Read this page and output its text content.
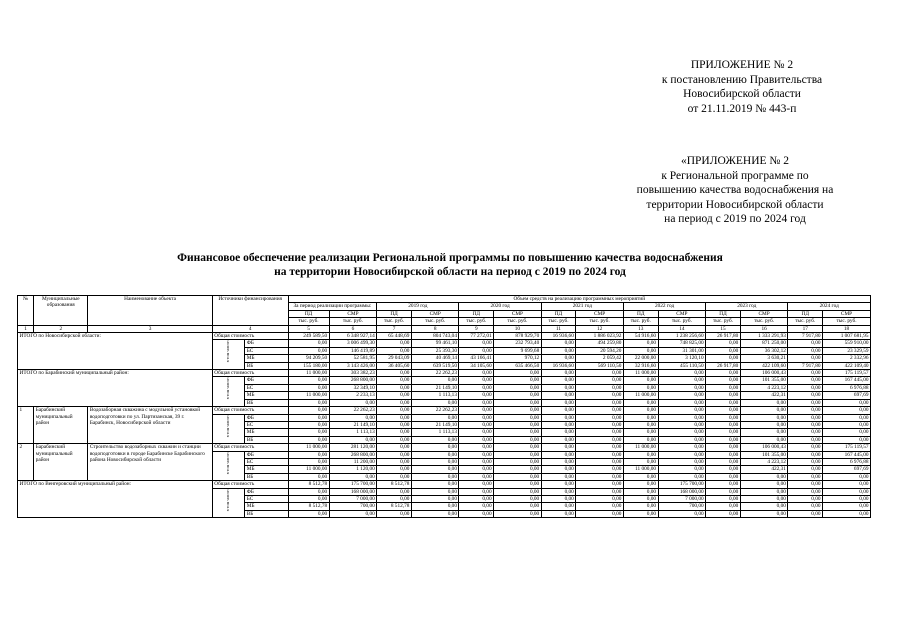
ПРИЛОЖЕНИЕ № 2
к постановлению Правительства
Новосибирской области
от 21.11.2019 № 443-п
«ПРИЛОЖЕНИЕ № 2
к Региональной программе по
повышению качества водоснабжения на
территории Новосибирской области
на период с 2019 по 2024 год
Финансовое обеспечение реализации Региональной программы по повышению качества водоснабжения
на территории Новосибирской области на период с 2019 по 2024 год
№	Муниципальные образования	Наименование объекта	Источники финансирования		Объем средств на реализацию программных мероприятий													
					За период реализации программы:		2019 год		2020 год		2021 год		2022 год		2023 год		2024 год	
					ПД	СМР	ПД	СМР	ПД	СМР	ПД	СМР	ПД	СМР	ПД	СМР	ПД	СМР
					тыс. руб.	тыс. руб.	тыс. руб.	тыс. руб.	тыс. руб.	тыс. руб.	тыс. руб.	тыс. руб.	тыс. руб.	тыс. руб.	тыс. руб.	тыс. руб.	тыс. руб.	тыс. руб.
1	2	3	4		5	6	7	8	9	10	11	12	13	14	15	16	17	18
ИТОГО по Новосибирской области:			Общая стоимость		249 589,50	6 348 927,14	65 448,69	804 743,04	77 272,01	878 929,70	16 936,60	1 886 023,92	54 916,60	1 238 256,60	26 917,80	1 333 291,93	7 917,80	1 007 681,95
			в том числе:	ФБ	0,00	3 006 499,30	0,00	99 461,10	0,00	232 793,40	0,00	494 259,80	0,00	748 825,00	0,00	871 250,00	0,00	559 910,00
				БС	0,00	146 419,89	0,00	25 393,30	0,00	9 699,68	0,00	20 594,20	0,00	31 301,00	0,00	36 302,12	0,00	23 329,59
				МБ	94 209,50	52 581,95	29 043,09	40 469,14	43 166,41	970,12	0,00	2 059,42	22 000,00	3 120,10	0,00	3 630,21	0,00	2 332,96
				ВБ	155 180,00	3 143 426,00	36 405,60	639 519,50	34 105,60	635 466,50	16 936,60	569 110,50	32 916,60	455 110,50	26 917,80	422 109,60	7 917,80	422 109,40
ИТОГО по Барабинский муниципальный район:			Общая стоимость		11 000,00	303 382,23	0,00	22 262,23	0,00	0,00	0,00	0,00	11 000,00	0,00	0,00	106 000,43	0,00	175 119,57
			в том числе:	ФБ	0,00	268 800,00	0,00	0,00	0,00	0,00	0,00	0,00	0,00	0,00	0,00	101 355,00	0,00	167 445,00
				БС	0,00	32 349,10	0,00	21 149,10	0,00	0,00	0,00	0,00	0,00	0,00	0,00	4 223,12	0,00	6 976,88
				МБ	11 000,00	2 233,13	0,00	1 113,13	0,00	0,00	0,00	0,00	11 000,00	0,00	0,00	422,31	0,00	697,69
				ВБ	0,00	0,00	0,00	0,00	0,00	0,00	0,00	0,00	0,00	0,00	0,00	0,00	0,00	0,00
1	Барабинский муниципальный район	Водозаборная скважина с модульной установкой водоподготовки по ул. Партизанская, 39 г. Барабинск, Новосибирской области	Общая стоимость		0,00	22 262,23	0,00	22 262,23	0,00	0,00	0,00	0,00	0,00	0,00	0,00	0,00	0,00	0,00
			в том числе:	ФБ	0,00	0,00	0,00	0,00	0,00	0,00	0,00	0,00	0,00	0,00	0,00	0,00	0,00	0,00
				БС	0,00	21 149,10	0,00	21 149,10	0,00	0,00	0,00	0,00	0,00	0,00	0,00	0,00	0,00	0,00
				МБ	0,00	1 113,13	0,00	1 113,13	0,00	0,00	0,00	0,00	0,00	0,00	0,00	0,00	0,00	0,00
				ВБ	0,00	0,00	0,00	0,00	0,00	0,00	0,00	0,00	0,00	0,00	0,00	0,00	0,00	0,00
2	Барабинский муниципальный район	Строительство водозаборных скважин и станции водоподготовки в городе Барабинске Барабинского района Новосибирской области	Общая стоимость		11 000,00	281 120,00	0,00	0,00	0,00	0,00	0,00	0,00	11 000,00	0,00	0,00	106 000,43	0,00	175 119,57
			в том числе:	ФБ	0,00	268 800,00	0,00	0,00	0,00	0,00	0,00	0,00	0,00	0,00	0,00	101 355,00	0,00	167 445,00
				БС	0,00	11 200,00	0,00	0,00	0,00	0,00	0,00	0,00	0,00	0,00	0,00	4 223,12	0,00	6 976,88
				МБ	11 000,00	1 120,00	0,00	0,00	0,00	0,00	0,00	0,00	11 000,00	0,00	0,00	422,31	0,00	697,69
				ВБ	0,00	0,00	0,00	0,00	0,00	0,00	0,00	0,00	0,00	0,00	0,00	0,00	0,00	0,00
ИТОГО по Венгеровский муниципальный район:			Общая стоимость		8 512,78	175 700,00	8 512,78	0,00	0,00	0,00	0,00	0,00	0,00	175 700,00	0,00	0,00	0,00	0,00
			в том числе:	ФБ	0,00	168 000,00	0,00	0,00	0,00	0,00	0,00	0,00	0,00	168 000,00	0,00	0,00	0,00	0,00
				БС	0,00	7 000,00	0,00	0,00	0,00	0,00	0,00	0,00	0,00	7 000,00	0,00	0,00	0,00	0,00
				МБ	8 512,78	700,00	8 512,78	0,00	0,00	0,00	0,00	0,00	0,00	700,00	0,00	0,00	0,00	0,00
				ВБ	0,00	0,00	0,00	0,00	0,00	0,00	0,00	0,00	0,00	0,00	0,00	0,00	0,00	0,00
